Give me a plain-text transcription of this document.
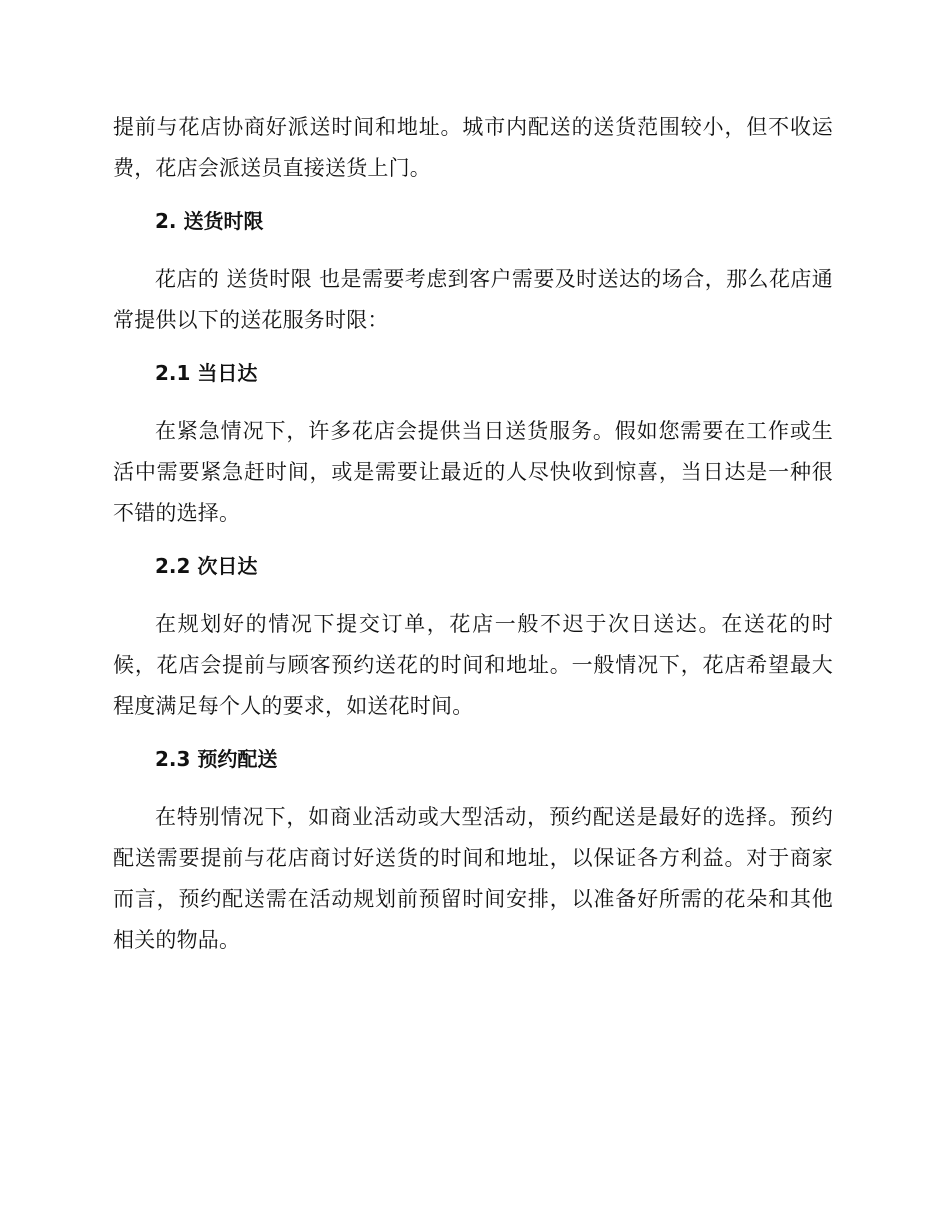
提前与花店协商好派送时间和地址。城市内配送的送货范围较小，但不收运费，花店会派送员直接送货上门。

2. 送货时限

花店的 送货时限 也是需要考虑到客户需要及时送达的场合，那么花店通常提供以下的送花服务时限：

2.1 当日达

在紧急情况下，许多花店会提供当日送货服务。假如您需要在工作或生活中需要紧急赶时间，或是需要让最近的人尽快收到惊喜，当日达是一种很不错的选择。

2.2 次日达

在规划好的情况下提交订单，花店一般不迟于次日送达。在送花的时候，花店会提前与顾客预约送花的时间和地址。一般情况下，花店希望最大程度满足每个人的要求，如送花时间。

2.3 预约配送

在特别情况下，如商业活动或大型活动，预约配送是最好的选择。预约配送需要提前与花店商讨好送货的时间和地址，以保证各方利益。对于商家而言，预约配送需在活动规划前预留时间安排，以准备好所需的花朵和其他相关的物品。
